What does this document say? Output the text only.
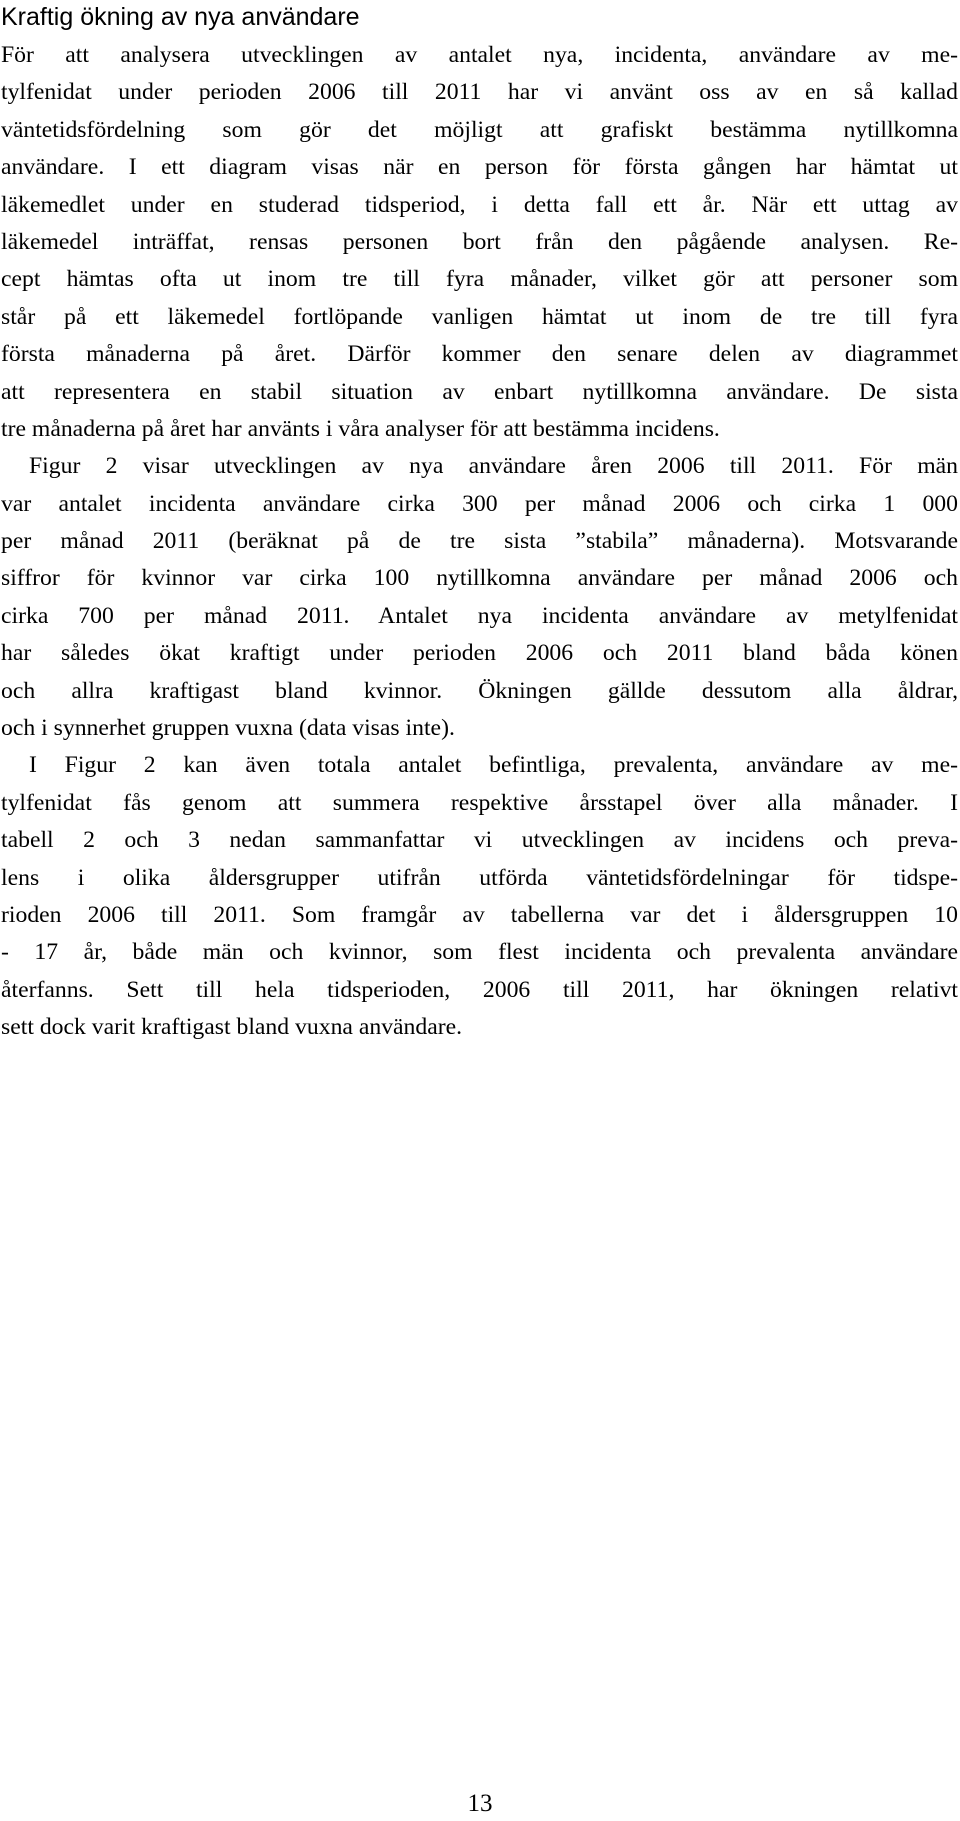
Kraftig ökning av nya användare
För att analysera utvecklingen av antalet nya, incidenta, användare av me-
tylfenidat under perioden 2006 till 2011 har vi använt oss av en så kallad
väntetidsfördelning som gör det möjligt att grafiskt bestämma nytillkomna
användare. I ett diagram visas när en person för första gången har hämtat ut
läkemedlet under en studerad tidsperiod, i detta fall ett år. När ett uttag av
läkemedel inträffat, rensas personen bort från den pågående analysen. Re-
cept hämtas ofta ut inom tre till fyra månader, vilket gör att personer som
står på ett läkemedel fortlöpande vanligen hämtat ut inom de tre till fyra
första månaderna på året. Därför kommer den senare delen av diagrammet
att representera en stabil situation av enbart nytillkomna användare. De sista
tre månaderna på året har använts i våra analyser för att bestämma incidens.
Figur 2 visar utvecklingen av nya användare åren 2006 till 2011. För män
var antalet incidenta användare cirka 300 per månad 2006 och cirka 1 000
per månad 2011 (beräknat på de tre sista ”stabila” månaderna). Motsvarande
siffror för kvinnor var cirka 100 nytillkomna användare per månad 2006 och
cirka 700 per månad 2011. Antalet nya incidenta användare av metylfenidat
har således ökat kraftigt under perioden 2006 och 2011 bland båda könen
och allra kraftigast bland kvinnor. Ökningen gällde dessutom alla åldrar,
och i synnerhet gruppen vuxna (data visas inte).
I Figur 2 kan även totala antalet befintliga, prevalenta, användare av me-
tylfenidat fås genom att summera respektive årsstapel över alla månader. I
tabell 2 och 3 nedan sammanfattar vi utvecklingen av incidens och preva-
lens i olika åldersgrupper utifrån utförda väntetidsfördelningar för tidspe-
rioden 2006 till 2011. Som framgår av tabellerna var det i åldersgruppen 10
- 17 år, både män och kvinnor, som flest incidenta och prevalenta användare
återfanns. Sett till hela tidsperioden, 2006 till 2011, har ökningen relativt
sett dock varit kraftigast bland vuxna användare.
13
